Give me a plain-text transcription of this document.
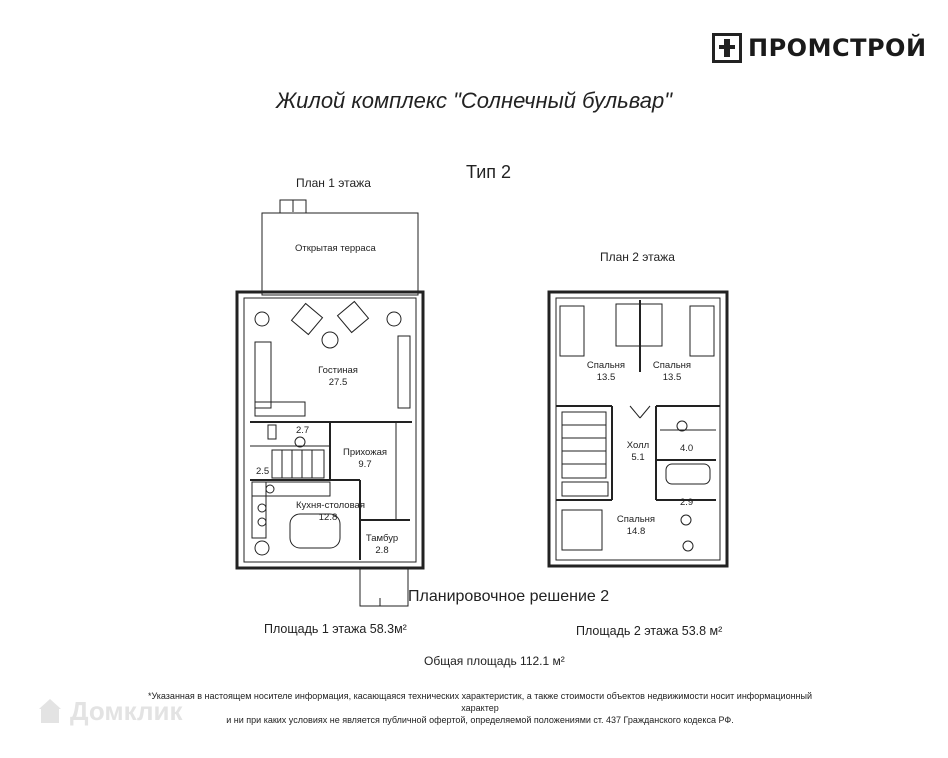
ПРОМСТРОЙ
Жилой комплекс "Солнечный бульвар"
Тип 2
План 1 этажа
План 2 этажа
Открытая терраса
Гостиная
27.5
2.7
Прихожая
9.7
2.5
Кухня-столовая
12.8
Тамбур
2.8
Спальня
13.5
Спальня
13.5
Холл
5.1
4.0
2.9
Спальня
14.8
Планировочное решение 2
Площадь 1 этажа 58.3м²	Площадь 2 этажа 53.8 м²
Общая площадь 112.1 м²
*Указанная в настоящем носителе информация, касающаяся технических характеристик, а также стоимости объектов недвижимости носит информационный характер
и ни при каких условиях не является публичной офертой, определяемой положениями ст. 437 Гражданского кодекса РФ.
Домклик
